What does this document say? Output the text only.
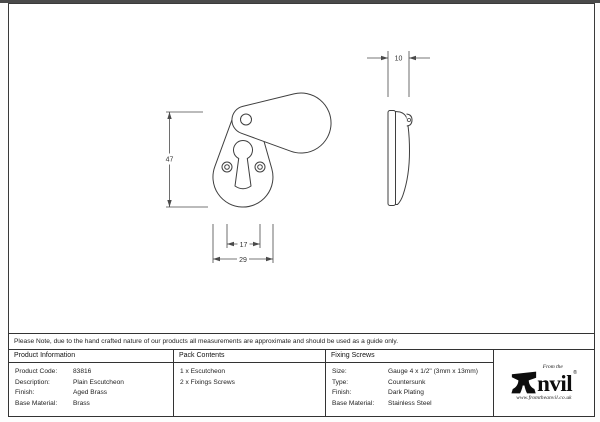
47
17
29
10
Please Note, due to the hand crafted nature of our products all measurements are approximate and should be used as a guide only.
Product Information
Product Code:	83816
Description:	Plain Escutcheon
Finish:	Aged Brass
Base Material:	Brass
Pack Contents
1 x Escutcheon
2 x Fixings Screws
Fixing Screws
Size:	Gauge 4 x 1/2" (3mm x 13mm)
Type:	Countersunk
Finish:	Dark Plating
Base Material:	Stainless Steel
From the
nvil®
www.fromtheanvil.co.uk
